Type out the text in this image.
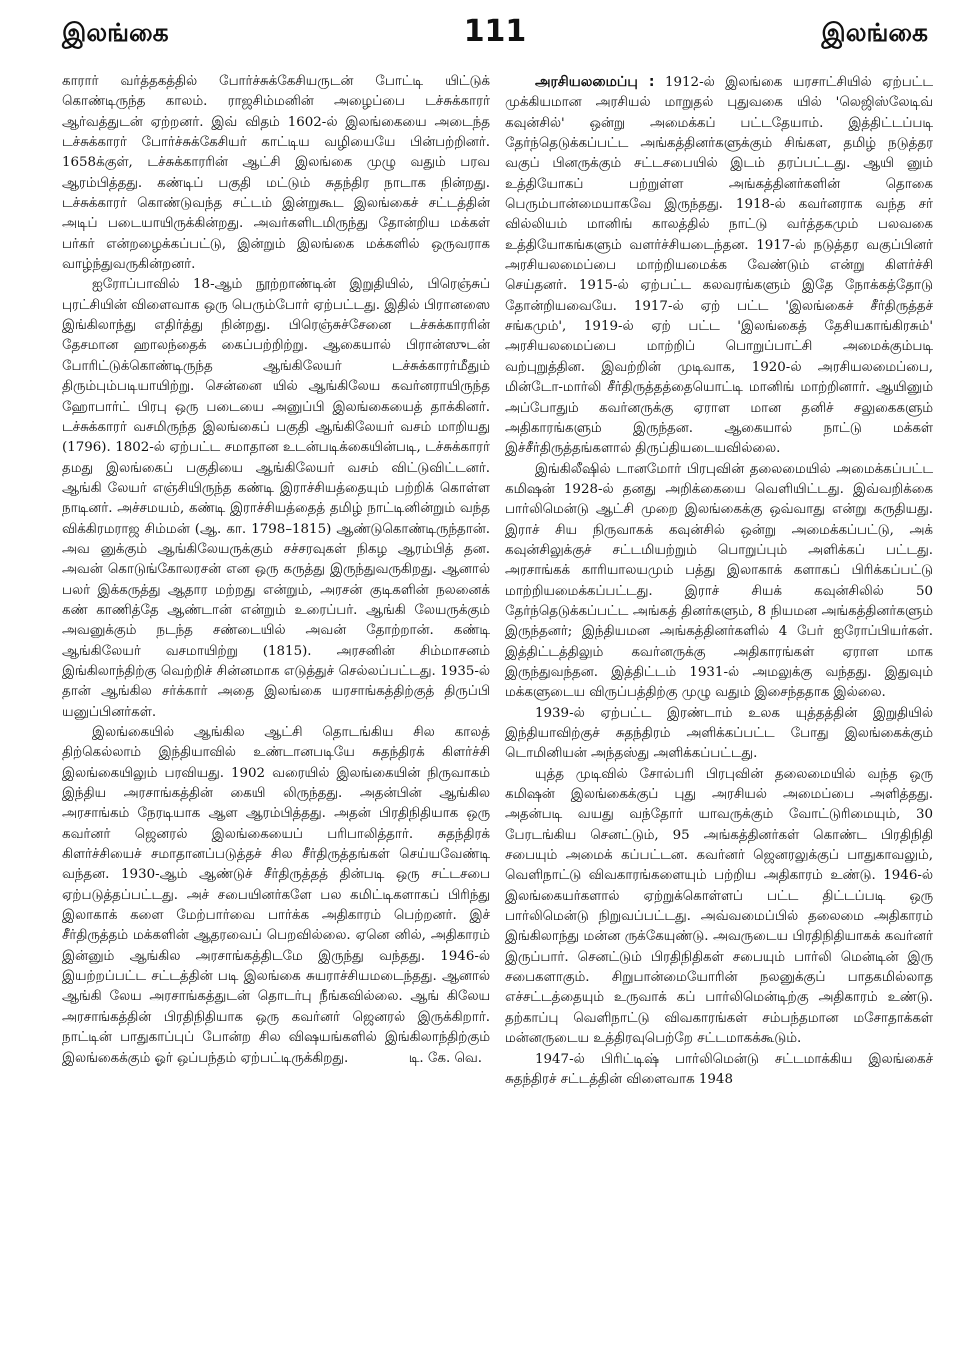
இலங்கை	111	இலங்கை

காரார் வர்த்தகத்தில் போர்ச்சுக்கேசியருடன் போட்டி யிட்டுக் கொண்டிருந்த காலம். ராஜசிம்மனின் அழைப்பை டச்சுக்காரர் ஆர்வத்துடன் ஏற்றனர். இவ் விதம் 1602-ல் இலங்கையை அடைந்த டச்சுக்காரர் போர்ச்சுக்கேசியர் காட்டிய வழியையே பின்பற்றினர். 1658க்குள், டச்சுக்காரரின் ஆட்சி இலங்கை முழு வதும் பரவ ஆரம்பித்தது. கண்டிப் பகுதி மட்டும் சுதந்திர நாடாக நின்றது. டச்சுக்காரர் கொண்டுவந்த சட்டம் இன்றுகூட இலங்கைச் சட்டத்தின் அடிப் படையாயிருக்கின்றது. அவர்களிடமிருந்து தோன்றிய மக்கள் பர்கர் என்றழைக்கப்பட்டு, இன்றும் இலங்கை மக்களில் ஒருவராக வாழ்ந்துவருகின்றனர்.

ஐரோப்பாவில் 18-ஆம் நூற்றாண்டின் இறுதியில், பிரெஞ்சுப் புரட்சியின் விளைவாக ஒரு பெரும்போர் ஏற்பட்டது. இதில் பிரானஸை இங்கிலாந்து எதிர்த்து நின்றது. பிரெஞ்சுச்சேனை டச்சுக்காரரின் தேசமான ஹாலந்தைக் கைப்பற்றிற்று. ஆகையால் பிரான்ஸுடன் போரிட்டுக்கொண்டிருந்த ஆங்கிலேயர் டச்சுக்காரர்மீதும் திரும்பும்படியாயிற்று. சென்னை யில் ஆங்கிலேய கவர்னராயிருந்த ஹோபார்ட் பிரபு ஒரு படையை அனுப்பி இலங்கையைத் தாக்கினர். டச்சுக்காரர் வசமிருந்த இலங்கைப் பகுதி ஆங்கிலேயர் வசம் மாறியது (1796). 1802-ல் ஏற்பட்ட சமாதான உடன்படிக்கையின்படி, டச்சுக்காரர் தமது இலங்கைப் பகுதியை ஆங்கிலேயர் வசம் விட்டுவிட்டனர். ஆங்கி லேயர் எஞ்சியிருந்த கண்டி இராச்சியத்தையும் பற்றிக் கொள்ள நாடினர். அச்சமயம், கண்டி இராச்சியத்தைத் தமிழ் நாட்டினின்றும் வந்த விக்கிரமராஜ சிம்மன் (ஆ. கா. 1798–1815) ஆண்டுகொண்டிருந்தான். அவ னுக்கும் ஆங்கிலேயருக்கும் சச்சரவுகள் நிகழ ஆரம்பித் தன. அவன் கொடுங்கோலரசன் என ஒரு கருத்து இருந்துவருகிறது. ஆனால் பலர் இக்கருத்து ஆதார மற்றது என்றும், அரசன் குடிகளின் நலனைக் கண் காணித்தே ஆண்டான் என்றும் உரைப்பர். ஆங்கி லேயருக்கும் அவனுக்கும் நடந்த சண்டையில் அவன் தோற்றான். கண்டி ஆங்கிலேயர் வசமாயிற்று (1815). அரசனின் சிம்மாசனம் இங்கிலாந்திற்கு வெற்றிச் சின்னமாக எடுத்துச் செல்லப்பட்டது. 1935-ல் தான் ஆங்கில சர்க்கார் அதை இலங்கை யரசாங்கத்திற்குத் திருப்பி யனுப்பினர்கள்.

இலங்கையில் ஆங்கில ஆட்சி தொடங்கிய சில காலத் திற்கெல்லாம் இந்தியாவில் உண்டானபடியே சுதந்திரக் கிளர்ச்சி இலங்கையிலும் பரவியது. 1902 வரையில் இலங்கையின் நிருவாகம் இந்திய அரசாங்கத்தின் கையி லிருந்தது. அதன்பின் ஆங்கில அரசாங்கம் நேரடியாக ஆள ஆரம்பித்தது. அதன் பிரதிநிதியாக ஒரு கவர்னர் ஜெனரல் இலங்கையைப் பரிபாலித்தார். சுதந்திரக் கிளர்ச்சியைச் சமாதானப்படுத்தச் சில சீர்திருத்தங்கள் செய்யவேண்டி வந்தன. 1930-ஆம் ஆண்டுச் சீர்திருத்தத் தின்படி ஒரு சட்டசபை ஏற்படுத்தப்பட்டது. அச் சபையினர்களே பல கமிட்டிகளாகப் பிரிந்து இலாகாக் களை மேற்பார்வை பார்க்க அதிகாரம் பெற்றனர். இச் சீர்திருத்தம் மக்களின் ஆதரவைப் பெறவில்லை. ஏனெ னில், அதிகாரம் இன்னும் ஆங்கில அரசாங்கத்திடமே இருந்து வந்தது. 1946-ல் இயற்றப்பட்ட சட்டத்தின் படி இலங்கை சுயராச்சியமடைந்தது. ஆனால் ஆங்கி லேய அரசாங்கத்துடன் தொடர்பு நீங்கவில்லை. ஆங் கிலேய அரசாங்கத்தின் பிரதிநிதியாக ஒரு கவர்னர் ஜெனரல் இருக்கிறார். நாட்டின் பாதுகாப்புப் போன்ற சில விஷயங்களில் இங்கிலாந்திற்கும் இலங்கைக்கும் ஓர் ஒப்பந்தம் ஏற்பட்டிருக்கிறது.	டி. கே. வெ.

அரசியலமைப்பு : 1912-ல் இலங்கை யரசாட்சியில் ஏற்பட்ட முக்கியமான அரசியல் மாறுதல் புதுவகை யில் 'லெஜிஸ்லேடிவ் கவுன்சில்' ஒன்று அமைக்கப் பட்டதேயாம். இத்திட்டப்படி தேர்ந்தெடுக்கப்பட்ட அங்கத்தினர்களுக்கும் சிங்கள, தமிழ் நடுத்தர வகுப் பினருக்கும் சட்டசபையில் இடம் தரப்பட்டது. ஆயி னும் உத்தியோகப் பற்றுள்ள அங்கத்தினர்களின் தொகை பெரும்பான்மையாகவே இருந்தது. 1918-ல் கவர்னராக வந்த சர் வில்லியம் மானிங் காலத்தில் நாட்டு வர்த்தகமும் பலவகை உத்தியோகங்களும் வளர்ச்சியடைந்தன. 1917-ல் நடுத்தர வகுப்பினர் அரசியலமைப்பை மாற்றியமைக்க வேண்டும் என்று கிளர்ச்சி செய்தனர். 1915-ல் ஏற்பட்ட கலவரங்களும் இதே நோக்கத்தோடு தோன்றியவையே. 1917-ல் ஏற் பட்ட 'இலங்கைச் சீர்திருத்தச் சங்கமும்', 1919-ல் ஏற் பட்ட 'இலங்கைத் தேசியகாங்கிரசும்' அரசியலமைப்பை மாற்றிப் பொறுப்பாட்சி அமைக்கும்படி வற்புறுத்தின. இவற்றின் முடிவாக, 1920-ல் அரசியலமைப்பை, மின்டோ-மார்லி சீர்திருத்தத்தையொட்டி மானிங் மாற்றினார். ஆயினும் அப்போதும் கவர்னருக்கு ஏராள மான தனிச் சலுகைகளும் அதிகாரங்களும் இருந்தன. ஆகையால் நாட்டு மக்கள் இச்சீர்திருத்தங்களால் திருப்தியடையவில்லை.

இங்கிலீஷில் டானமோர் பிரபுவின் தலைமையில் அமைக்கப்பட்ட கமிஷன் 1928-ல் தனது அறிக்கையை வெளியிட்டது. இவ்வறிக்கை பார்லிமென்டு ஆட்சி முறை இலங்கைக்கு ஒவ்வாது என்று கருதியது. இராச் சிய நிருவாகக் கவுன்சில் ஒன்று அமைக்கப்பட்டு, அக் கவுன்சிலுக்குச் சட்டமியற்றும் பொறுப்பும் அளிக்கப் பட்டது. அரசாங்கக் காரியாலயமும் பத்து இலாகாக் களாகப் பிரிக்கப்பட்டு மாற்றியமைக்கப்பட்டது. இராச் சியக் கவுன்சிலில் 50 தேர்ந்தெடுக்கப்பட்ட அங்கத் தினர்களும், 8 நியமன அங்கத்தினர்களும் இருந்தனர்; இந்தியமன அங்கத்தினர்களில் 4 பேர் ஐரோப்பியர்கள். இத்திட்டத்திலும் கவர்னருக்கு அதிகாரங்கள் ஏராள மாக இருந்துவந்தன. இத்திட்டம் 1931-ல் அமலுக்கு வந்தது. இதுவும் மக்களுடைய விருப்பத்திற்கு முழு வதும் இசைந்ததாக இல்லை.

1939-ல் ஏற்பட்ட இரண்டாம் உலக யுத்தத்தின் இறுதியில் இந்தியாவிற்குச் சுதந்திரம் அளிக்கப்பட்ட போது இலங்கைக்கும் டொமினியன் அந்தஸ்து அளிக்கப்பட்டது.

யுத்த முடிவில் சோல்பரி பிரபுவின் தலைமையில் வந்த ஒரு கமிஷன் இலங்கைக்குப் புது அரசியல் அமைப்பை அளித்தது. அதன்படி வயது வந்தோர் யாவருக்கும் வோட்டுரிமையும், 30 பேரடங்கிய செனட்டும், 95 அங்கத்தினர்கள் கொண்ட பிரதிநிதி சபையும் அமைக் கப்பட்டன. கவர்னர் ஜெனரலுக்குப் பாதுகாவலும், வெளிநாட்டு விவகாரங்களையும் பற்றிய அதிகாரம் உண்டு. 1946-ல் இலங்கையர்களால் ஏற்றுக்கொள்ளப் பட்ட திட்டப்படி ஒரு பார்லிமென்டு நிறுவப்பட்டது. அவ்வமைப்பில் தலைமை அதிகாரம் இங்கிலாந்து மன்ன ருக்கேயுண்டு. அவருடைய பிரதிநிதியாகக் கவர்னர் இருப்பார். செனட்டும் பிரதிநிதிகள் சபையும் பார்லி மென்டின் இரு சபைகளாகும். சிறுபான்மையோரின் நலனுக்குப் பாதகமில்லாத எச்சட்டத்தையும் உருவாக் கப் பார்லிமென்டிற்கு அதிகாரம் உண்டு. தற்காப்பு வெளிநாட்டு விவகாரங்கள் சம்பந்தமான மசோதாக்கள் மன்னருடைய உத்திரவுபெற்றே சட்டமாகக்கூடும்.

1947-ல் பிரிட்டிஷ் பார்லிமென்டு சட்டமாக்கிய இலங்கைச் சுதந்திரச் சட்டத்தின் விளைவாக 1948
